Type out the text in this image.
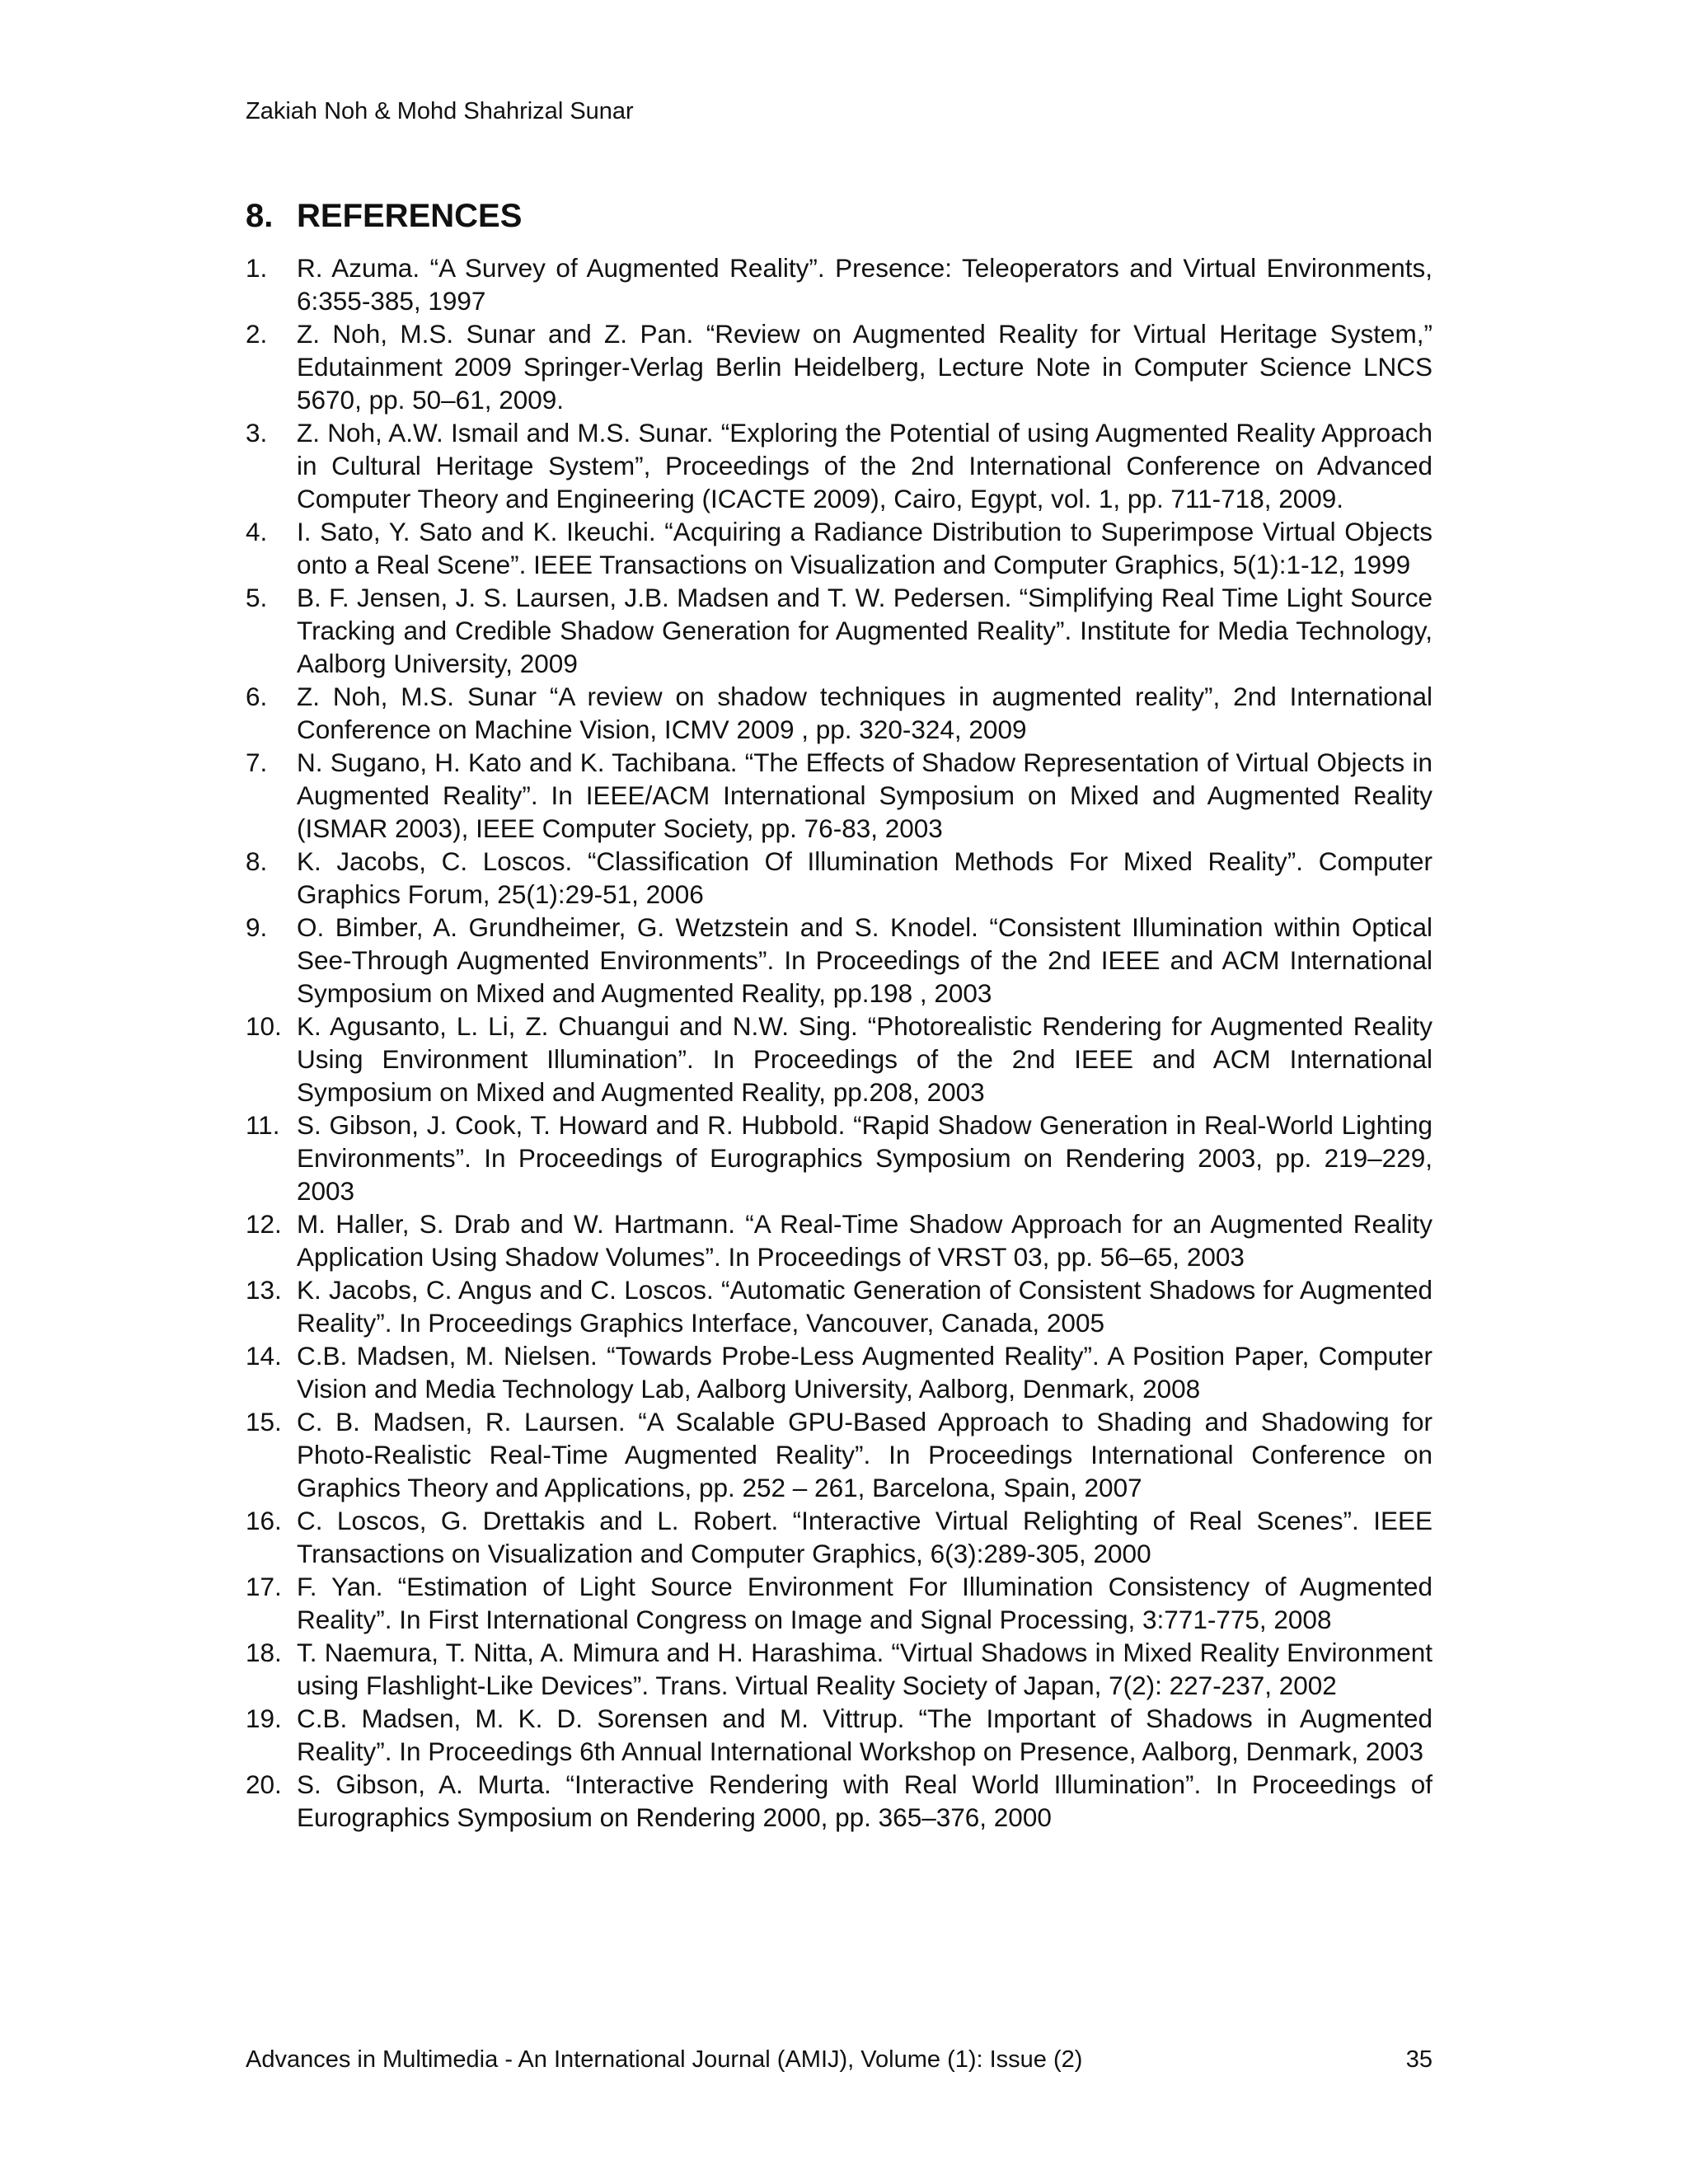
Zakiah Noh & Mohd Shahrizal Sunar
8. REFERENCES
1.	R. Azuma. “A Survey of Augmented Reality”. Presence: Teleoperators and Virtual Environments, 6:355-385, 1997
2.	Z. Noh, M.S. Sunar and Z. Pan. “Review on Augmented Reality for Virtual Heritage System,” Edutainment 2009 Springer-Verlag Berlin Heidelberg, Lecture Note in Computer Science LNCS 5670, pp. 50–61, 2009.
3.	Z. Noh, A.W. Ismail and M.S. Sunar. “Exploring the Potential of using Augmented Reality Approach in Cultural Heritage System”, Proceedings of the 2nd International Conference on Advanced Computer Theory and Engineering (ICACTE 2009), Cairo, Egypt, vol. 1, pp. 711-718, 2009.
4.	I. Sato, Y. Sato and K. Ikeuchi. “Acquiring a Radiance Distribution to Superimpose Virtual Objects onto a Real Scene”. IEEE Transactions on Visualization and Computer Graphics, 5(1):1-12, 1999
5.	B. F. Jensen, J. S. Laursen, J.B. Madsen and T. W. Pedersen. “Simplifying Real Time Light Source Tracking and Credible Shadow Generation for Augmented Reality”. Institute for Media Technology, Aalborg University, 2009
6.	Z. Noh, M.S. Sunar “A review on shadow techniques in augmented reality”, 2nd International Conference on Machine Vision, ICMV 2009 , pp. 320-324, 2009
7.	N. Sugano, H. Kato and K. Tachibana. “The Effects of Shadow Representation of Virtual Objects in Augmented Reality”. In IEEE/ACM International Symposium on Mixed and Augmented Reality (ISMAR 2003), IEEE Computer Society, pp. 76-83, 2003
8.	K. Jacobs, C. Loscos. “Classification Of Illumination Methods For Mixed Reality”. Computer Graphics Forum, 25(1):29-51, 2006
9.	O. Bimber, A. Grundheimer, G. Wetzstein and S. Knodel. “Consistent Illumination within Optical See-Through Augmented Environments”. In Proceedings of the 2nd IEEE and ACM International Symposium on Mixed and Augmented Reality, pp.198 , 2003
10. K. Agusanto, L. Li, Z. Chuangui and N.W. Sing. “Photorealistic Rendering for Augmented Reality Using Environment Illumination”. In Proceedings of the 2nd IEEE and ACM International Symposium on Mixed and Augmented Reality, pp.208, 2003
11. S. Gibson, J. Cook, T. Howard and R. Hubbold. “Rapid Shadow Generation in Real-World Lighting Environments”. In Proceedings of Eurographics Symposium on Rendering 2003, pp. 219–229, 2003
12. M. Haller, S. Drab and W. Hartmann. “A Real-Time Shadow Approach for an Augmented Reality Application Using Shadow Volumes”. In Proceedings of VRST 03, pp. 56–65, 2003
13. K. Jacobs, C. Angus and C. Loscos. “Automatic Generation of Consistent Shadows for Augmented Reality”. In Proceedings Graphics Interface, Vancouver, Canada, 2005
14. C.B. Madsen, M. Nielsen. “Towards Probe-Less Augmented Reality”. A Position Paper, Computer Vision and Media Technology Lab, Aalborg University, Aalborg, Denmark, 2008
15. C. B. Madsen, R. Laursen. “A Scalable GPU-Based Approach to Shading and Shadowing for Photo-Realistic Real-Time Augmented Reality”. In Proceedings International Conference on Graphics Theory and Applications, pp. 252 – 261, Barcelona, Spain, 2007
16. C. Loscos, G. Drettakis and L. Robert. “Interactive Virtual Relighting of Real Scenes”. IEEE Transactions on Visualization and Computer Graphics, 6(3):289-305, 2000
17. F. Yan. “Estimation of Light Source Environment For Illumination Consistency of Augmented Reality”. In First International Congress on Image and Signal Processing, 3:771-775, 2008
18. T. Naemura, T. Nitta, A. Mimura and H. Harashima. “Virtual Shadows in Mixed Reality Environment using Flashlight-Like Devices”. Trans. Virtual Reality Society of Japan, 7(2): 227-237, 2002
19. C.B. Madsen, M. K. D. Sorensen and M. Vittrup. “The Important of Shadows in Augmented Reality”. In Proceedings 6th Annual International Workshop on Presence, Aalborg, Denmark, 2003
20. S. Gibson, A. Murta. “Interactive Rendering with Real World Illumination”. In Proceedings of Eurographics Symposium on Rendering 2000, pp. 365–376, 2000
Advances in Multimedia - An International Journal (AMIJ), Volume (1): Issue (2)	35
